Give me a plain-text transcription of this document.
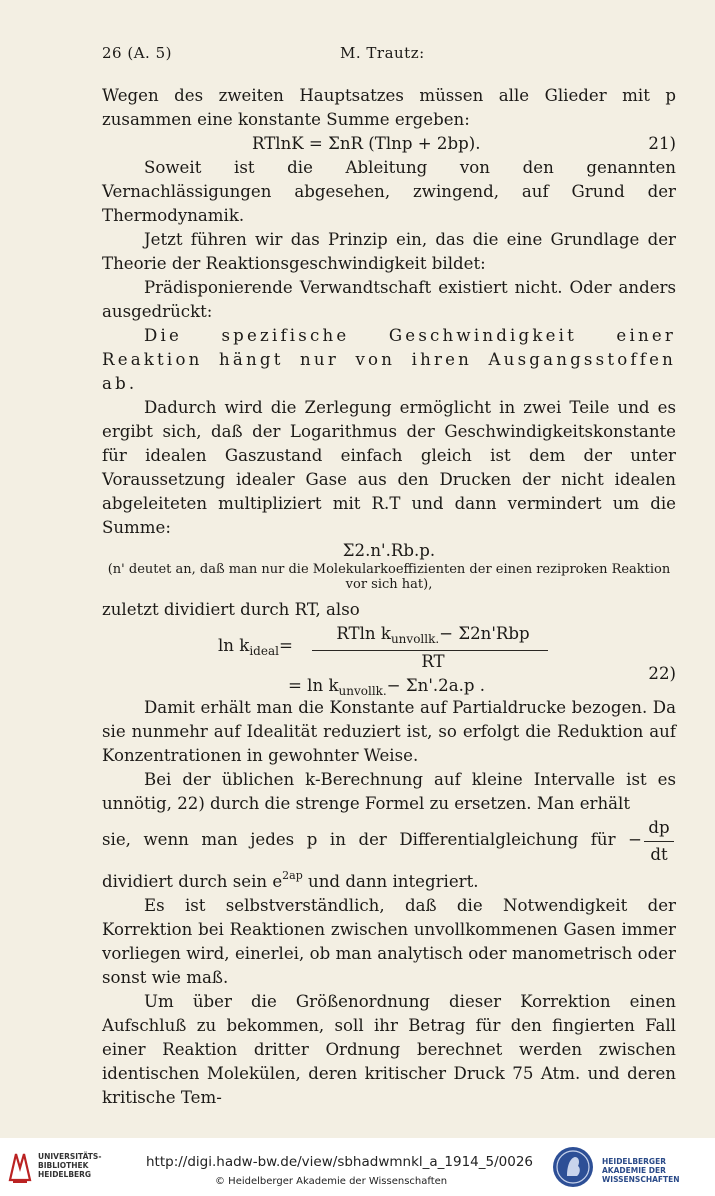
26 (A. 5)	M. Trautz:

Wegen des zweiten Hauptsatzes müssen alle Glieder mit p zusammen eine konstante Summe ergeben:

RTlnK = ΣnR (Tlnp + 2bp).	21)

Soweit ist die Ableitung von den genannten Vernachlässigungen abgesehen, zwingend, auf Grund der Thermodynamik.

Jetzt führen wir das Prinzip ein, das die eine Grundlage der Theorie der Reaktionsgeschwindigkeit bildet:

Prädisponierende Verwandtschaft existiert nicht. Oder anders ausgedrückt:

Die spezifische Geschwindigkeit einer Reaktion hängt nur von ihren Ausgangsstoffen ab.

Dadurch wird die Zerlegung ermöglicht in zwei Teile und es ergibt sich, daß der Logarithmus der Geschwindigkeitskonstante für idealen Gaszustand einfach gleich ist dem der unter Voraussetzung idealer Gase aus den Drucken der nicht idealen abgeleiteten multipliziert mit R.T und dann vermindert um die Summe:

Σ2.n'.Rb.p.

(n' deutet an, daß man nur die Molekularkoeffizienten der einen reziproken Reaktion vor sich hat),

zuletzt dividiert durch RT, also

$\ln k_{ideal}=$
RTln $k_{unvollk.}- \Sigma 2n'Rbp$
RT
22)
= $\ln k_{unvollk.}- \Sigma n'.2a.p$ .

Damit erhält man die Konstante auf Partialdrucke bezogen. Da sie nunmehr auf Idealität reduziert ist, so erfolgt die Reduktion auf Konzentrationen in gewohnter Weise.

Bei der üblichen k-Berechnung auf kleine Intervalle ist es unnötig, 22) durch die strenge Formel zu ersetzen. Man erhält

sie, wenn man jedes p in der Differentialgleichung für −
dp
dt

dividiert durch sein $e^{2ap}$ und dann integriert.

Es ist selbstverständlich, daß die Notwendigkeit der Korrektion bei Reaktionen zwischen unvollkommenen Gasen immer vorliegen wird, einerlei, ob man analytisch oder manometrisch oder sonst wie maß.

Um über die Größenordnung dieser Korrektion einen Aufschluß zu bekommen, soll ihr Betrag für den fingierten Fall einer Reaktion dritter Ordnung berechnet werden zwischen identischen Molekülen, deren kritischer Druck 75 Atm. und deren kritische Tem-

UNIVERSITÄTS- BIBLIOTHEK HEIDELBERG
http://digi.hadw-bw.de/view/sbhadwmnkl_a_1914_5/0026
© Heidelberger Akademie der Wissenschaften
HEIDELBERGER AKADEMIE DER WISSENSCHAFTEN
